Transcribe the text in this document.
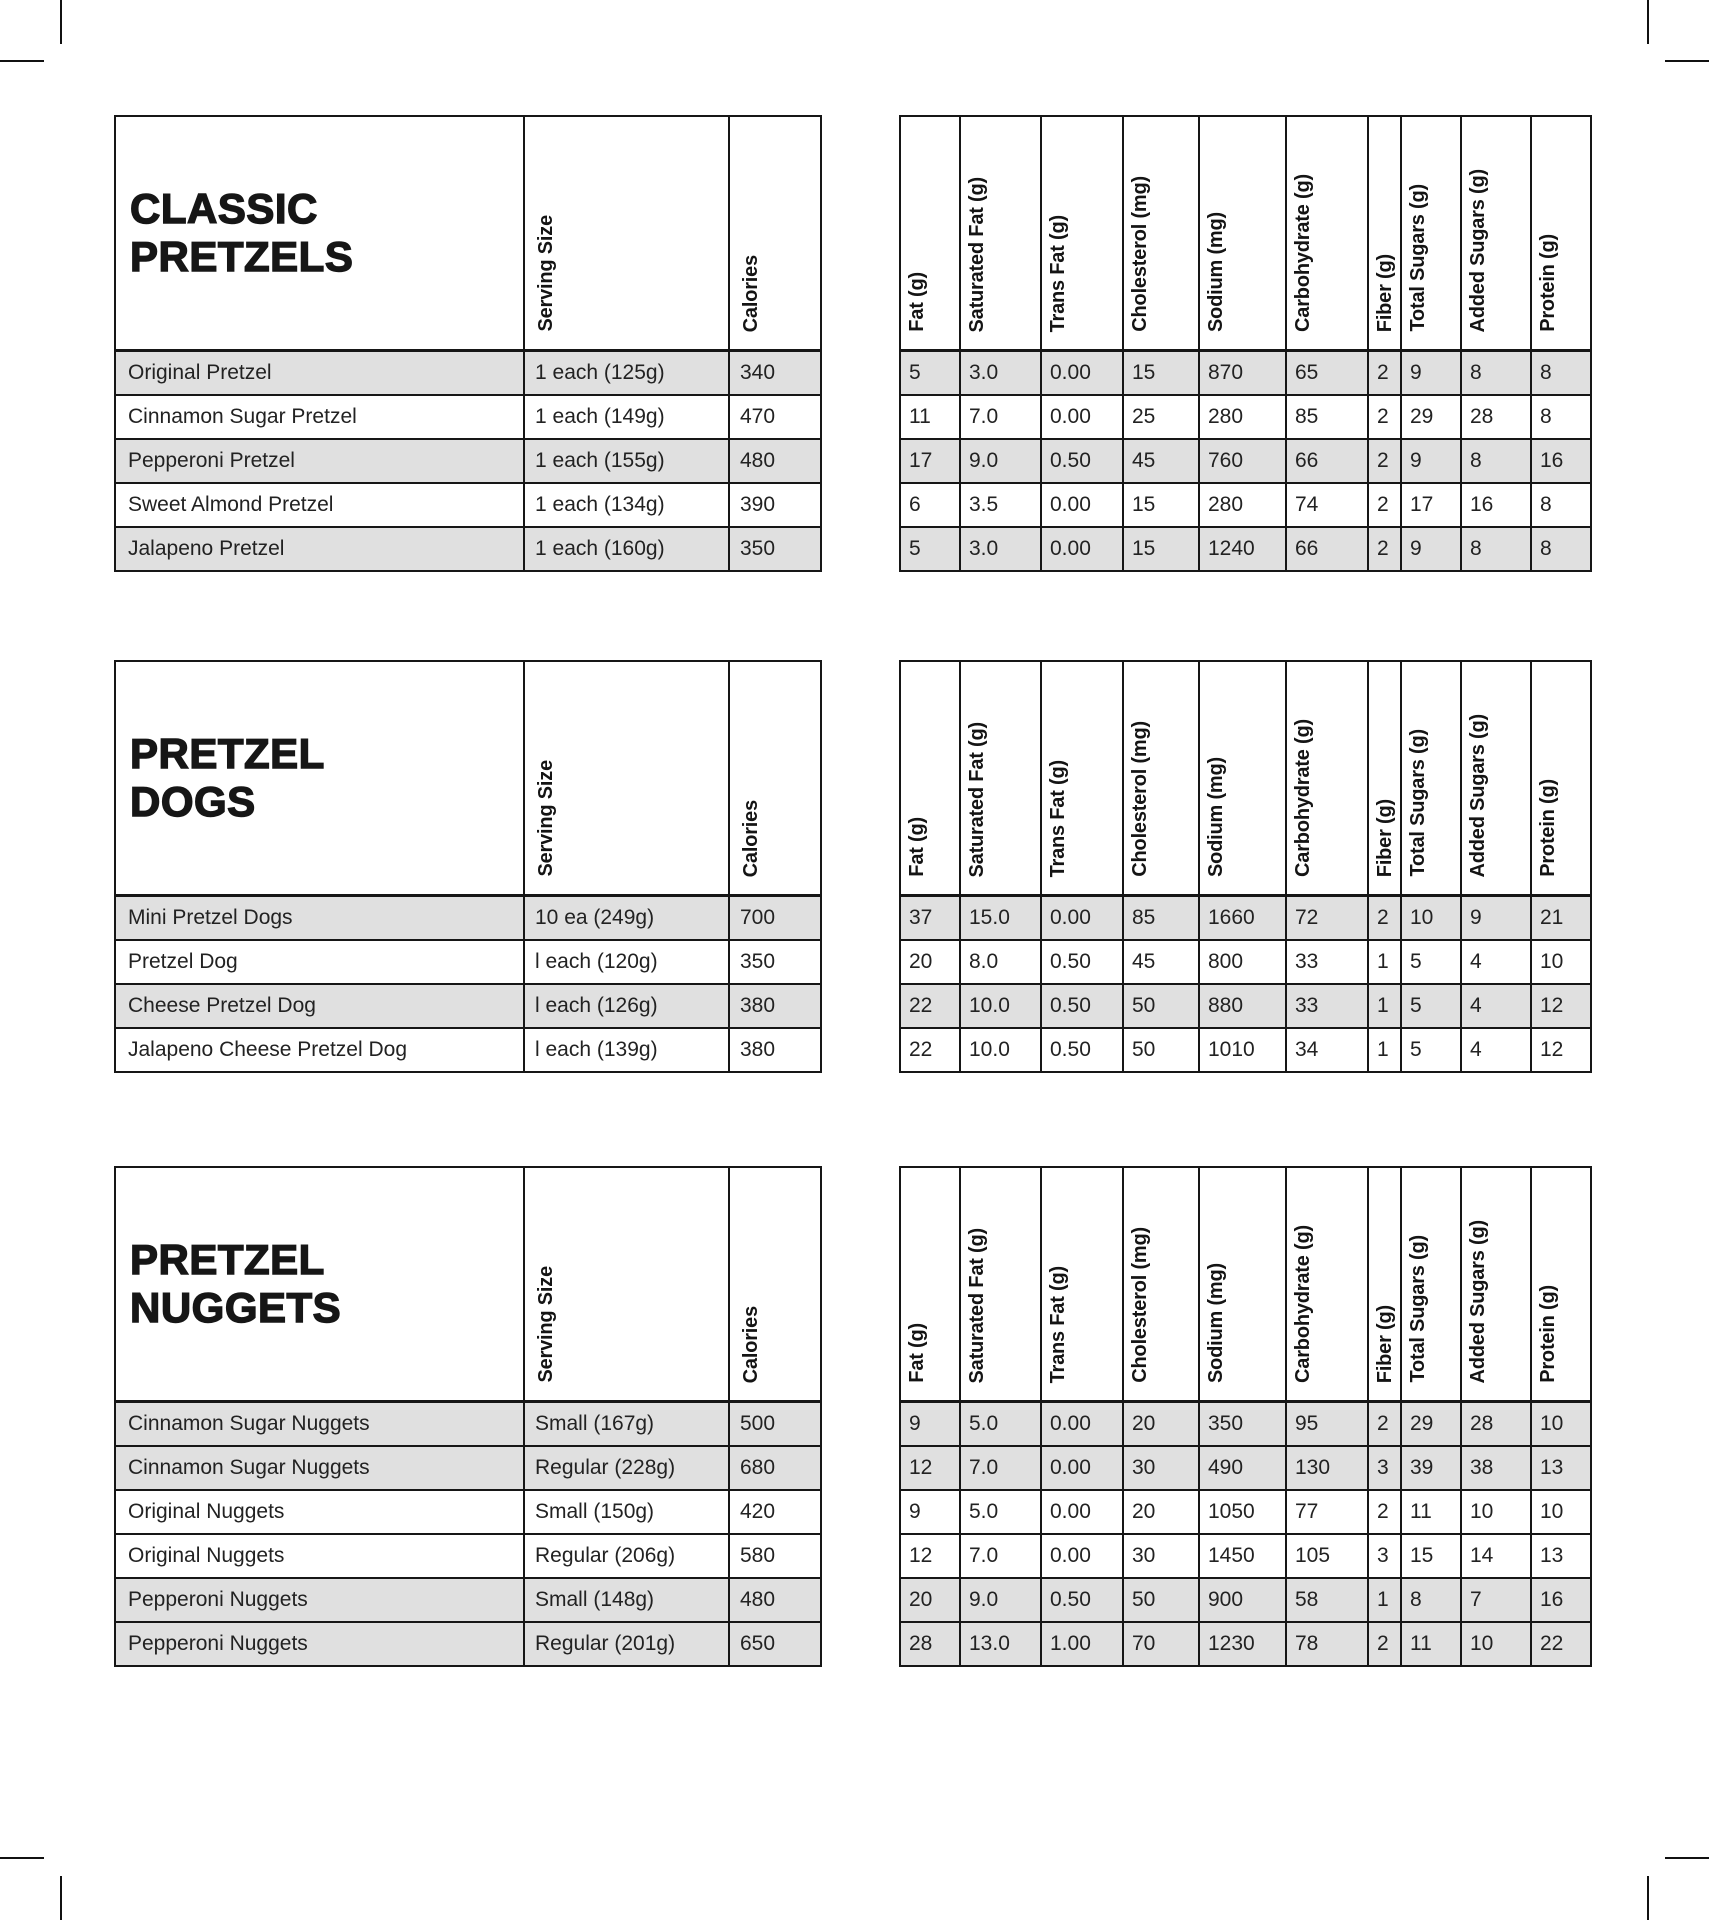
CLASSIC PRETZELS	Serving Size	Calories
Original Pretzel	1 each (125g)	340
Cinnamon Sugar Pretzel	1 each (149g)	470
Pepperoni Pretzel	1 each (155g)	480
Sweet Almond Pretzel	1 each (134g)	390
Jalapeno Pretzel	1 each (160g)	350
Fat (g)	Saturated Fat (g)	Trans Fat (g)	Cholesterol (mg)	Sodium (mg)	Carbohydrate (g)	Fiber (g)	Total Sugars (g)	Added Sugars (g)	Protein (g)
5	3.0	0.00	15	870	65	2	9	8	8
11	7.0	0.00	25	280	85	2	29	28	8
17	9.0	0.50	45	760	66	2	9	8	16
6	3.5	0.00	15	280	74	2	17	16	8
5	3.0	0.00	15	1240	66	2	9	8	8
PRETZEL DOGS	Serving Size	Calories
Mini Pretzel Dogs	10 ea (249g)	700
Pretzel Dog	l each (120g)	350
Cheese Pretzel Dog	l each (126g)	380
Jalapeno Cheese Pretzel Dog	l each (139g)	380
Fat (g)	Saturated Fat (g)	Trans Fat (g)	Cholesterol (mg)	Sodium (mg)	Carbohydrate (g)	Fiber (g)	Total Sugars (g)	Added Sugars (g)	Protein (g)
37	15.0	0.00	85	1660	72	2	10	9	21
20	8.0	0.50	45	800	33	1	5	4	10
22	10.0	0.50	50	880	33	1	5	4	12
22	10.0	0.50	50	1010	34	1	5	4	12
PRETZEL NUGGETS	Serving Size	Calories
Cinnamon Sugar Nuggets	Small (167g)	500
Cinnamon Sugar Nuggets	Regular (228g)	680
Original Nuggets	Small (150g)	420
Original Nuggets	Regular (206g)	580
Pepperoni Nuggets	Small (148g)	480
Pepperoni Nuggets	Regular (201g)	650
Fat (g)	Saturated Fat (g)	Trans Fat (g)	Cholesterol (mg)	Sodium (mg)	Carbohydrate (g)	Fiber (g)	Total Sugars (g)	Added Sugars (g)	Protein (g)
9	5.0	0.00	20	350	95	2	29	28	10
12	7.0	0.00	30	490	130	3	39	38	13
9	5.0	0.00	20	1050	77	2	11	10	10
12	7.0	0.00	30	1450	105	3	15	14	13
20	9.0	0.50	50	900	58	1	8	7	16
28	13.0	1.00	70	1230	78	2	11	10	22
